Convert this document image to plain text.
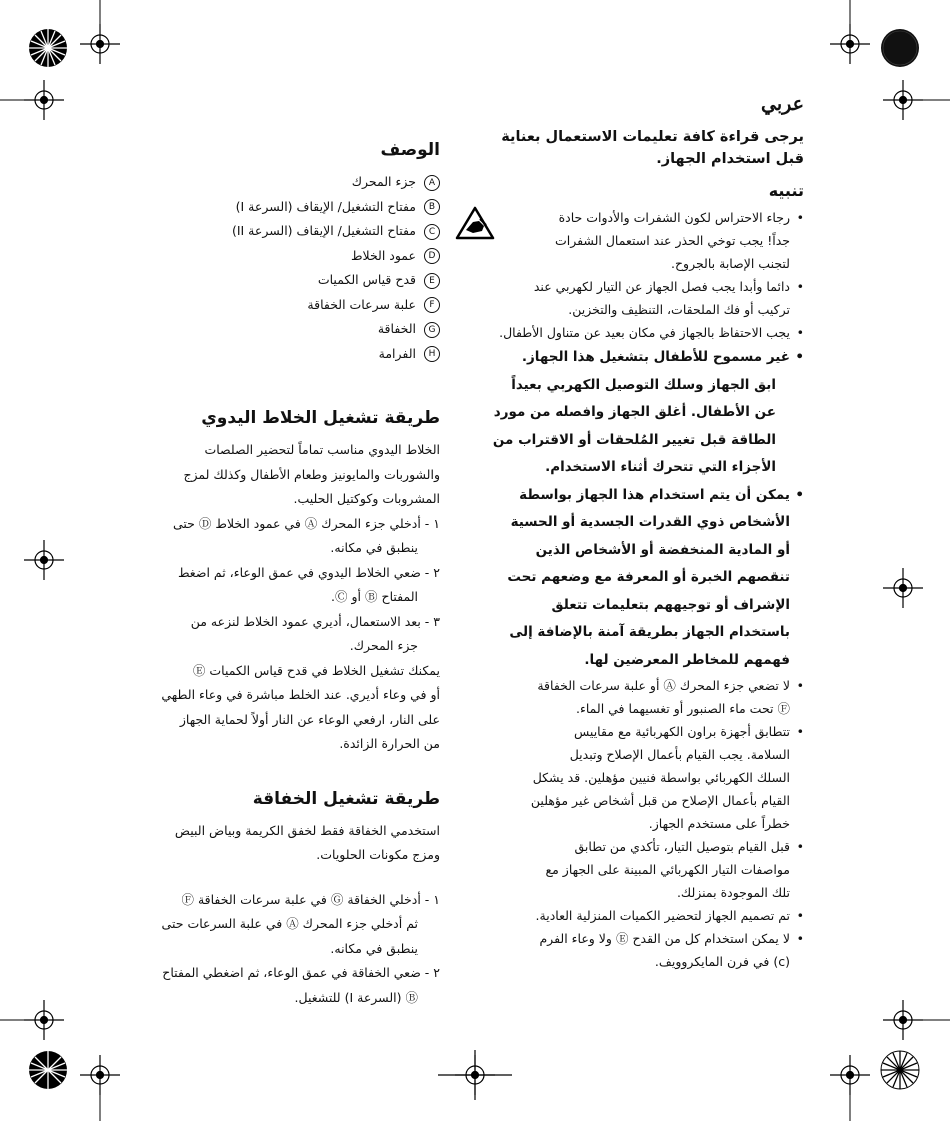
عربي
يرجى قراءة كافة تعليمات الاستعمال بعناية
قبل استخدام الجهاز.
تنبيه
• رجاء الاحتراس لكون الشفرات والأدوات حادة
جداً! يجب توخي الحذر عند استعمال الشفرات
لتجنب الإصابة بالجروح.
• دائما وأبدا يجب فصل الجهاز عن التيار لكهربي عند
تركيب أو فك الملحقات، التنظيف والتخزين.
• يجب الاحتفاظ بالجهاز في مكان بعيد عن متناول الأطفال.
• غير مسموح للأطفال بتشغيل هذا الجهاز.
ابق الجهاز وسلك التوصيل الكهربي بعيداً
عن الأطفال. أغلق الجهاز وافصله من مورد
الطاقة قبل تغيير المُلحقات أو الاقتراب من
الأجزاء التي تتحرك أثناء الاستخدام.
• يمكن أن يتم استخدام هذا الجهاز بواسطة
الأشخاص ذوي القدرات الجسدية أو الحسية
أو المادية المنخفضة أو الأشخاص الذين
تنقصهم الخبرة أو المعرفة مع وضعهم تحت
الإشراف أو توجيههم بتعليمات تتعلق
باستخدام الجهاز بطريقة آمنة بالإضافة إلى
فهمهم للمخاطر المعرضين لها.
• لا تضعي جزء المحرك Ⓐ أو علبة سرعات الخفاقة
Ⓕ تحت ماء الصنبور أو تغسيهما في الماء.
• تتطابق أجهزة براون الكهربائية مع مقاييس
السلامة. يجب القيام بأعمال الإصلاح وتبديل
السلك الكهربائي بواسطة فنيين مؤهلين. قد يشكل
القيام بأعمال الإصلاح من قبل أشخاص غير مؤهلين
خطراً على مستخدم الجهاز.
• قبل القيام بتوصيل التيار، تأكدي من تطابق
مواصفات التيار الكهربائي المبينة على الجهاز مع
تلك الموجودة بمنزلك.
• تم تصميم الجهاز لتحضير الكميات المنزلية العادية.
• لا يمكن استخدام كل من القدح Ⓔ ولا وعاء الفرم
(c) في فرن المايكروويف.
الوصف
Aجزء المحرك
Bمفتاح التشغيل/ الإيقاف (السرعة I)
Cمفتاح التشغيل/ الإيقاف (السرعة II)
Dعمود الخلاط
Eقدح قياس الكميات
Fعلبة سرعات الخفاقة
Gالخفاقة
Hالفرامة
طريقة تشغيل الخلاط اليدوي

الخلاط اليدوي مناسب تماماً لتحضير الصلصات
والشوربات والمايونيز وطعام الأطفال وكذلك لمزج
المشروبات وكوكتيل الحليب.

١ - أدخلي جزء المحرك Ⓐ في عمود الخلاط Ⓓ حتى
ينطبق في مكانه.

٢ - ضعي الخلاط اليدوي في عمق الوعاء، ثم اضغط
المفتاح Ⓑ أو Ⓒ.

٣ - بعد الاستعمال، أديري عمود الخلاط لنزعه من
جزء المحرك.

يمكنك تشغيل الخلاط في قدح قياس الكميات Ⓔ
أو في وعاء أديري. عند الخلط مباشرة في وعاء الطهي
على النار، ارفعي الوعاء عن النار أولاً لحماية الجهاز
من الحرارة الزائدة.

طريقة تشغيل الخفاقة

استخدمي الخفاقة فقط لخفق الكريمة وبياض البيض
ومزج مكونات الحلويات.

١ - أدخلي الخفاقة Ⓖ في علبة سرعات الخفاقة Ⓕ
ثم أدخلي جزء المحرك Ⓐ في علبة السرعات حتى
ينطبق في مكانه.

٢ - ضعي الخفاقة في عمق الوعاء، ثم اضغطي المفتاح
Ⓑ (السرعة I) للتشغيل.
